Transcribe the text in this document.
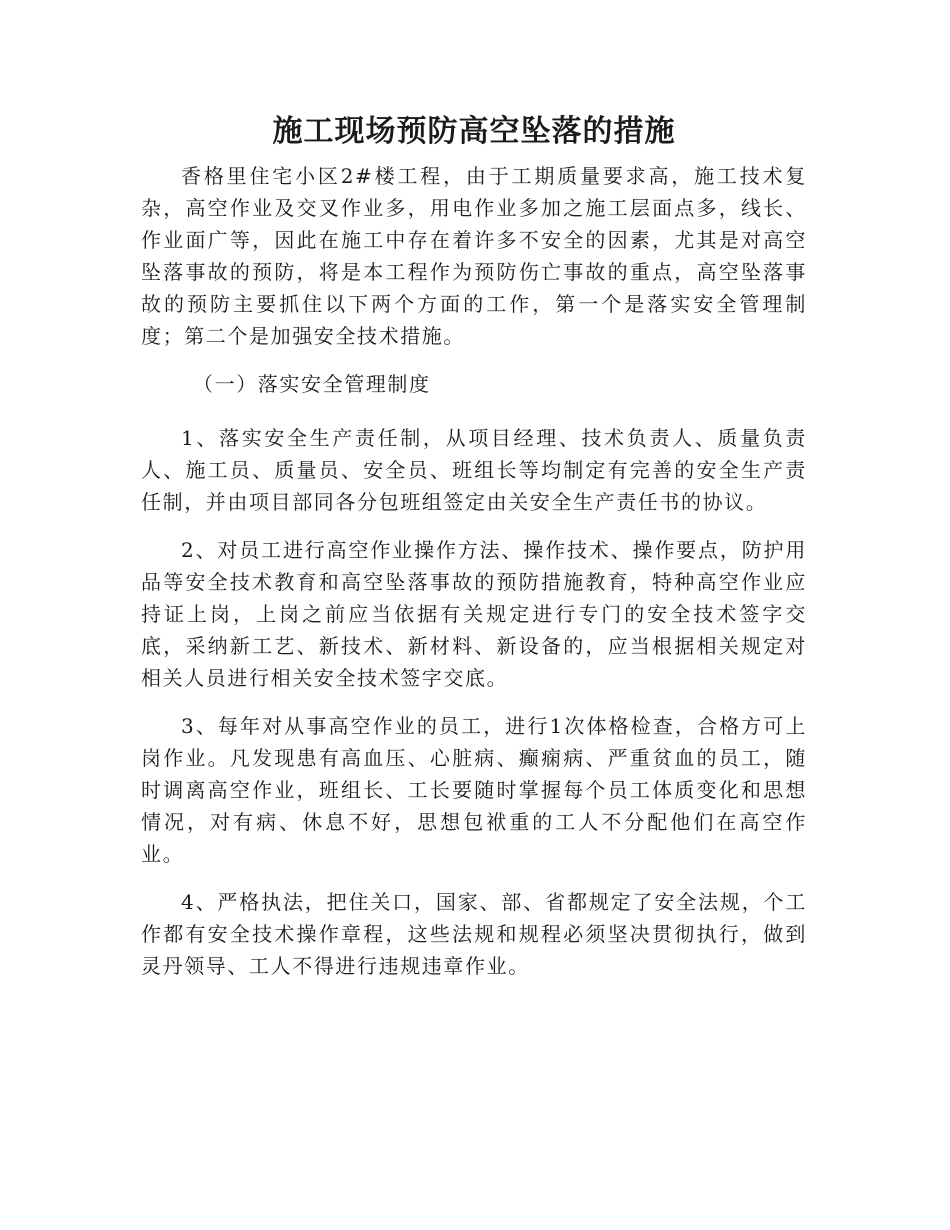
施工现场预防高空坠落的措施

香格里住宅小区2#楼工程，由于工期质量要求高，施工技术复杂，高空作业及交叉作业多，用电作业多加之施工层面点多，线长、作业面广等，因此在施工中存在着许多不安全的因素，尤其是对高空坠落事故的预防，将是本工程作为预防伤亡事故的重点，高空坠落事故的预防主要抓住以下两个方面的工作，第一个是落实安全管理制度；第二个是加强安全技术措施。

（一）落实安全管理制度

1、落实安全生产责任制，从项目经理、技术负责人、质量负责人、施工员、质量员、安全员、班组长等均制定有完善的安全生产责任制，并由项目部同各分包班组签定由关安全生产责任书的协议。

2、对员工进行高空作业操作方法、操作技术、操作要点，防护用品等安全技术教育和高空坠落事故的预防措施教育，特种高空作业应持证上岗，上岗之前应当依据有关规定进行专门的安全技术签字交底，采纳新工艺、新技术、新材料、新设备的，应当根据相关规定对相关人员进行相关安全技术签字交底。

3、每年对从事高空作业的员工，进行1次体格检查，合格方可上岗作业。凡发现患有高血压、心脏病、癫痫病、严重贫血的员工，随时调离高空作业，班组长、工长要随时掌握每个员工体质变化和思想情况，对有病、休息不好，思想包袱重的工人不分配他们在高空作业。

4、严格执法，把住关口，国家、部、省都规定了安全法规，个工作都有安全技术操作章程，这些法规和规程必须坚决贯彻执行，做到灵丹领导、工人不得进行违规违章作业。
